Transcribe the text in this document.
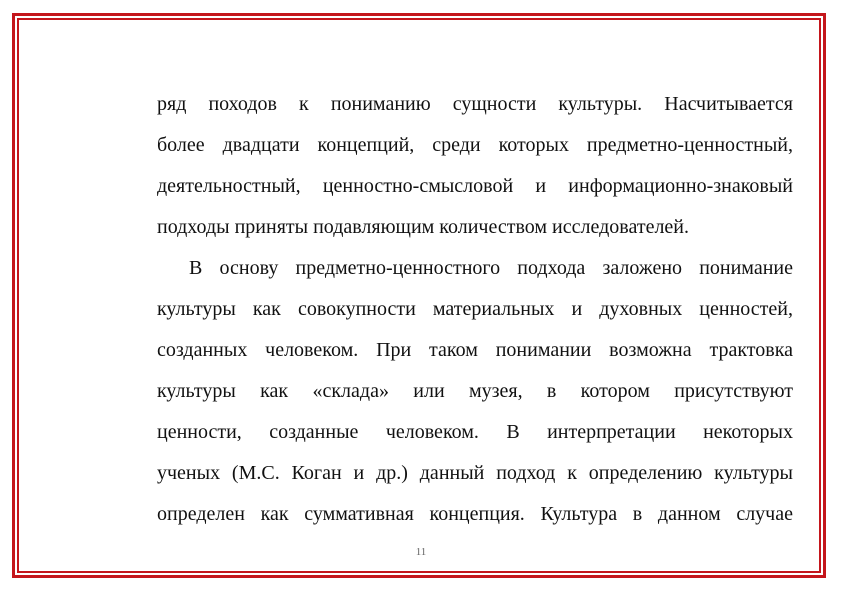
ряд походов к пониманию сущности культуры. Насчитывается
более двадцати концепций, среди которых предметно-ценностный,
деятельностный, ценностно-смысловой и информационно-знаковый
подходы приняты подавляющим количеством исследователей.
В основу предметно-ценностного подхода заложено понимание
культуры как совокупности материальных и духовных ценностей,
созданных человеком. При таком понимании возможна трактовка
культуры как «склада» или музея, в котором присутствуют
ценности, созданные человеком. В интерпретации некоторых
ученых (М.С. Коган и др.) данный подход к определению культуры
определен как суммативная концепция. Культура в данном случае
11
